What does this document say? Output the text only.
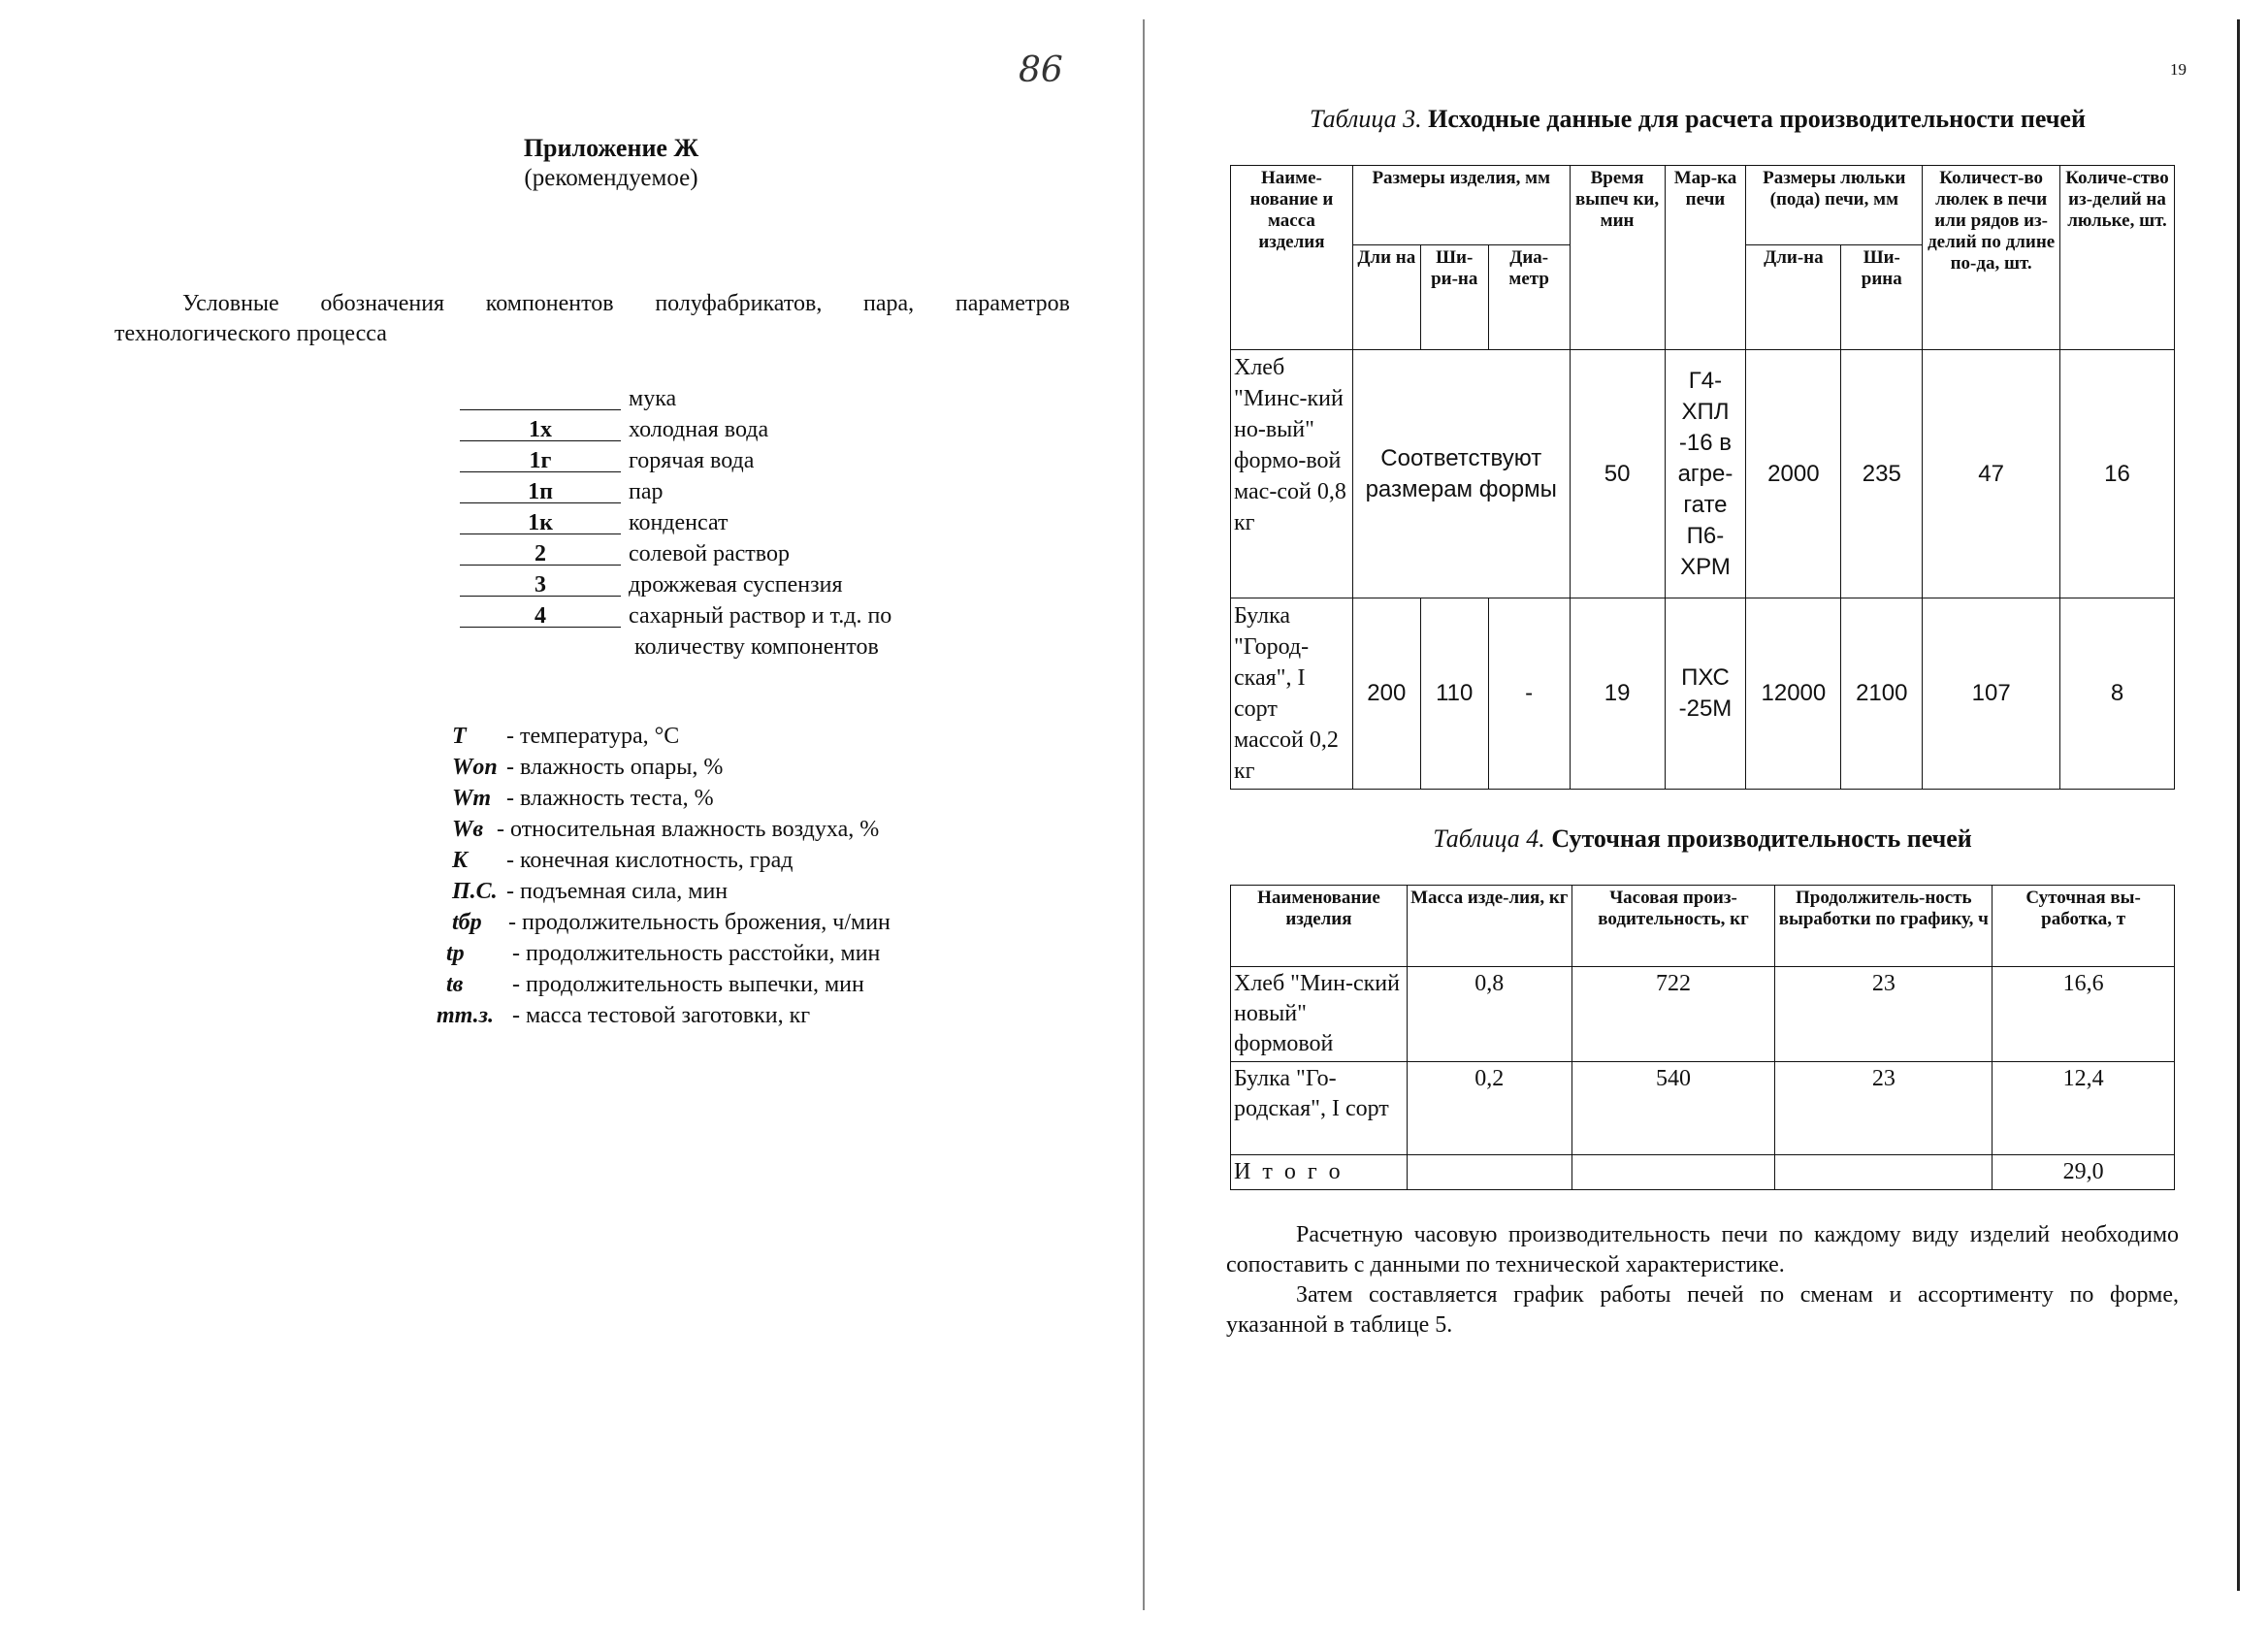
86
Приложение Ж
(рекомендуемое)
Условные обозначения компонентов полуфабрикатов, пара, параметров технологического процесса
мука
1х	холодная вода
1г	горячая вода
1п	пар
1к	конденсат
2	солевой раствор
3	дрожжевая суспензия
4	сахарный раствор и т.д. по
количеству компонентов
T - температура, °C
Wоп - влажность опары, %
Wт - влажность теста, %
Wв - относительная влажность воздуха, %
K - конечная кислотность, град
П.С. - подъемная сила, мин
tбр - продолжительность брожения, ч/мин
tр - продолжительность расстойки, мин
tв - продолжительность выпечки, мин
mт.з. - масса тестовой заготовки, кг
19
Таблица 3. Исходные данные для расчета производительности печей
Наиме-нование и масса изделия	Размеры изделия, мм			Время выпеч ки, мин	Мар-ка печи	Размеры люльки (пода) печи, мм		Количест-во люлек в печи или рядов из-делий по длине по-да, шт.	Количе-ство из-делий на люльке, шт.
	Дли на	Ши-ри-на	Диа-метр			Дли-на	Ши-рина		
Хлеб "Минс-кий но-вый" формо-вой мас-сой 0,8 кг	Соответствуют размерам формы			50	Г4-ХПЛ -16 в агре-гате П6-ХРМ	2000	235	47	16
Булка "Город-ская", I сорт массой 0,2 кг	200	110	-	19	ПХС -25М	12000	2100	107	8
Таблица 4. Суточная производительность печей
Наименование изделия	Масса изде-лия, кг	Часовая произ-водительность, кг	Продолжитель-ность выработки по графику, ч	Суточная вы-работка, т
Хлеб "Мин-ский новый" формовой	0,8	722	23	16,6
Булка "Го-родская", I сорт	0,2	540	23	12,4
И т о г о				29,0
Расчетную часовую производительность печи по каждому виду изделий необходимо сопоставить с данными по технической характеристике.
Затем составляется график работы печей по сменам и ассортименту по форме, указанной в таблице 5.
